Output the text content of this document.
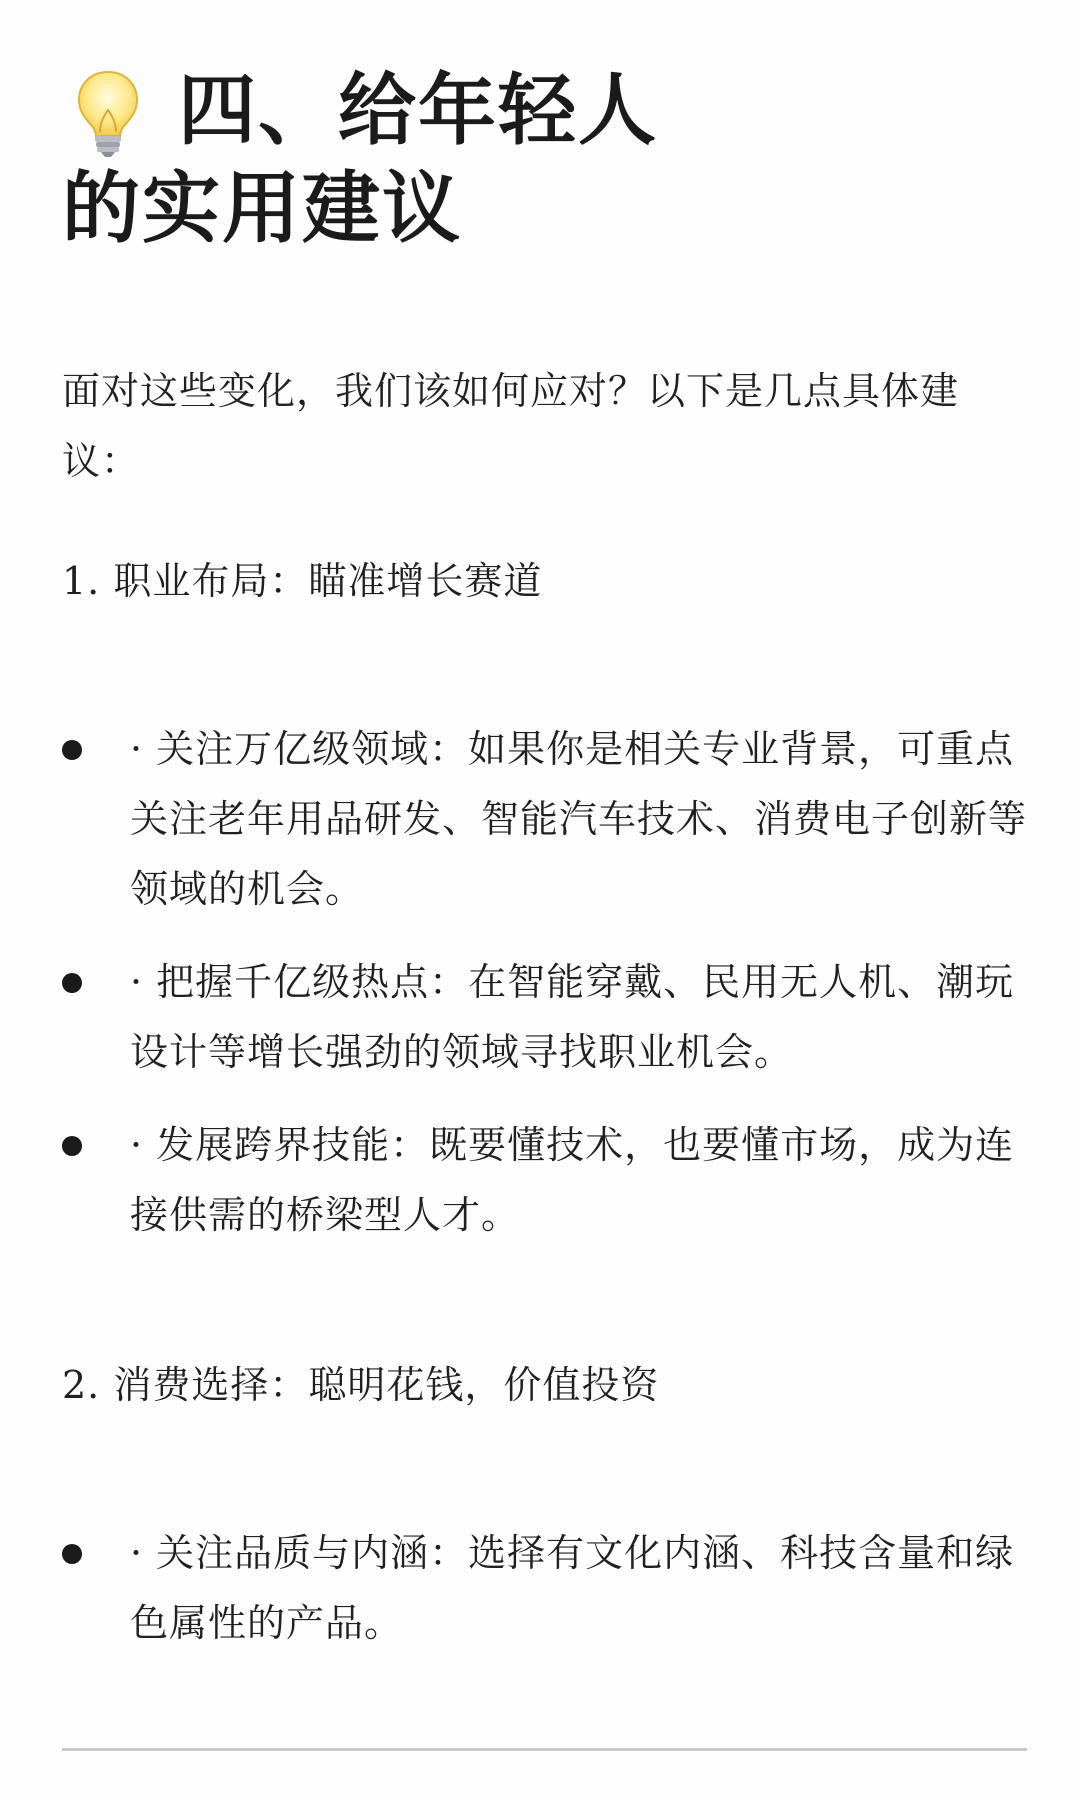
四、给年轻人
的实用建议

面对这些变化，我们该如何应对？以下是几点具体建议：

1. 职业布局：瞄准增长赛道

· 关注万亿级领域：如果你是相关专业背景，可重点关注老年用品研发、智能汽车技术、消费电子创新等领域的机会。
· 把握千亿级热点：在智能穿戴、民用无人机、潮玩设计等增长强劲的领域寻找职业机会。
· 发展跨界技能：既要懂技术，也要懂市场，成为连接供需的桥梁型人才。

2. 消费选择：聪明花钱，价值投资

· 关注品质与内涵：选择有文化内涵、科技含量和绿色属性的产品。
